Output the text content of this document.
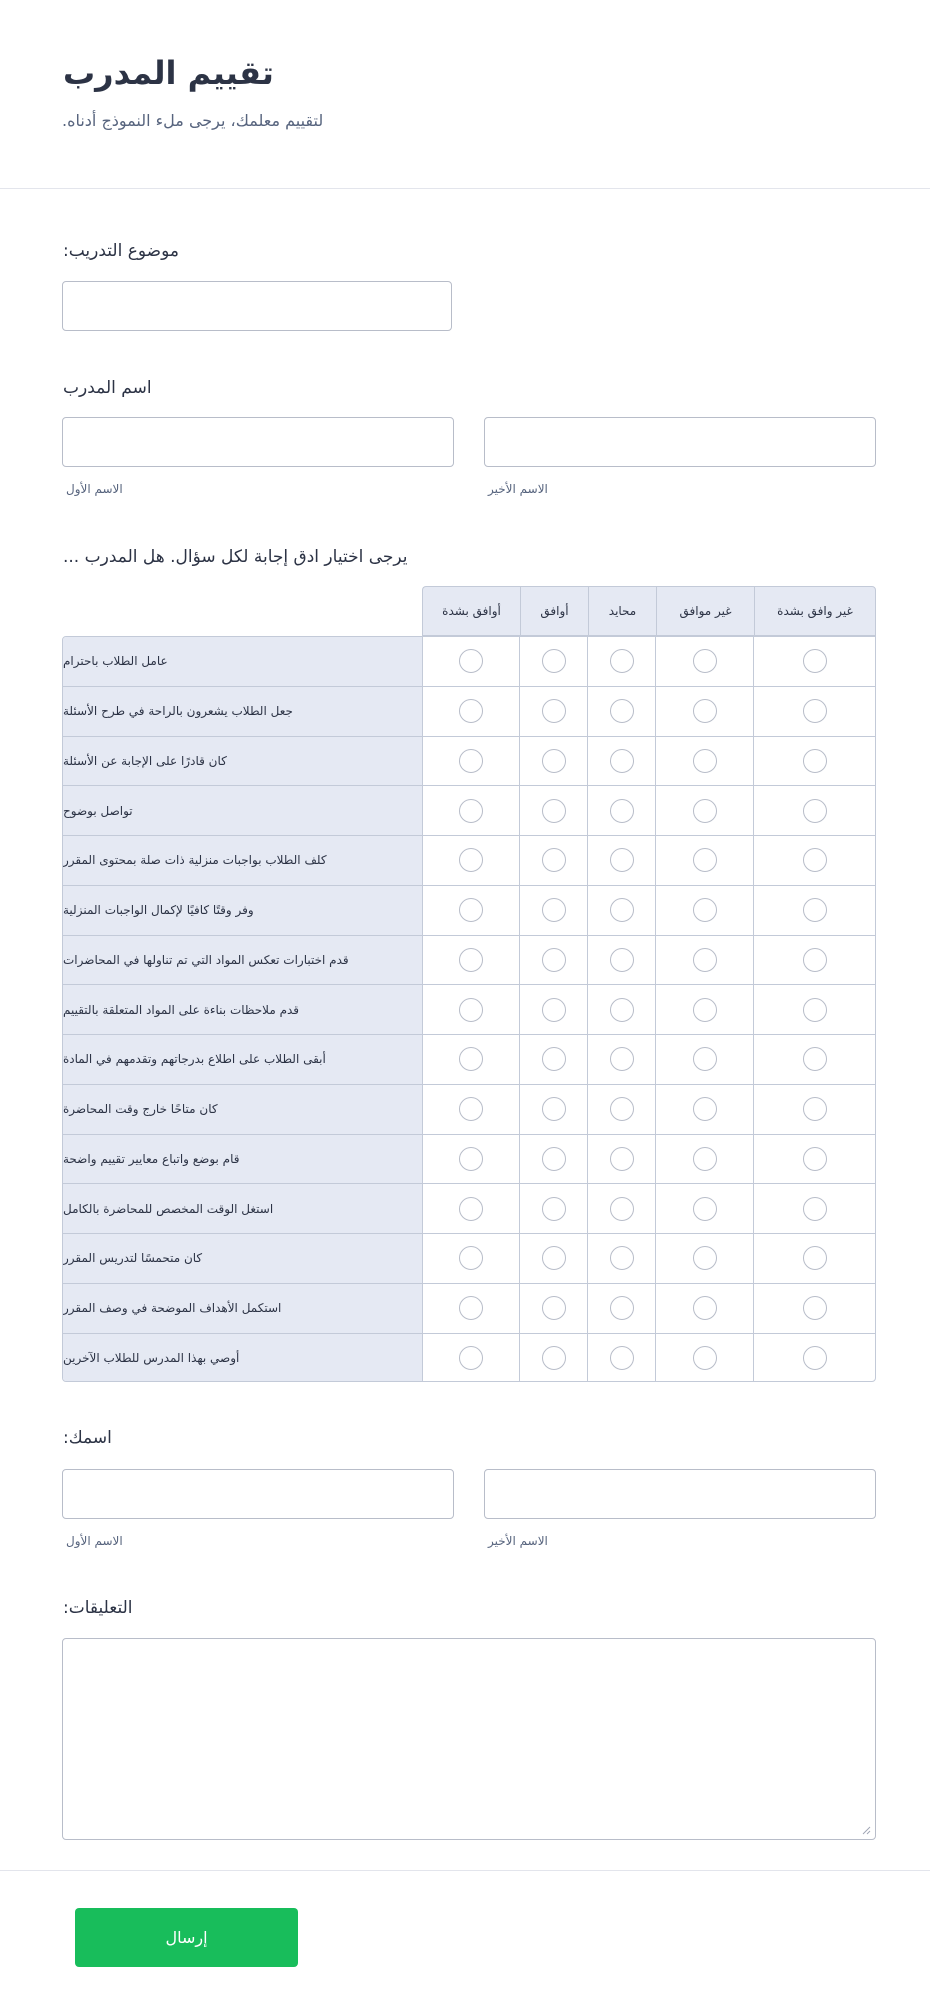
تقييم المدرب
لتقييم معلمك، يرجى ملء النموذج أدناه.
موضوع التدريب:
اسم المدرب
الاسم الأول	الاسم الأخير
يرجى اختيار ادق إجابة لكل سؤال. هل المدرب ...
أوافق بشدة	أوافق	محايد	غير موافق	غير وافق بشدة
عامل الطلاب باحترام
جعل الطلاب يشعرون بالراحة في طرح الأسئلة
كان قادرًا على الإجابة عن الأسئلة
تواصل بوضوح
كلف الطلاب بواجبات منزلية ذات صلة بمحتوى المقرر
وفر وقتًا كافيًا لإكمال الواجبات المنزلية
قدم اختبارات تعكس المواد التي تم تناولها في المحاضرات
قدم ملاحظات بناءة على المواد المتعلقة بالتقييم
أبقى الطلاب على اطلاع بدرجاتهم وتقدمهم في المادة
كان متاحًا خارج وقت المحاضرة
قام بوضع واتباع معايير تقييم واضحة
استغل الوقت المخصص للمحاضرة بالكامل
كان متحمسًا لتدريس المقرر
استكمل الأهداف الموضحة في وصف المقرر
أوصي بهذا المدرس للطلاب الآخرين
اسمك:
الاسم الأول	الاسم الأخير
التعليقات:
إرسال
